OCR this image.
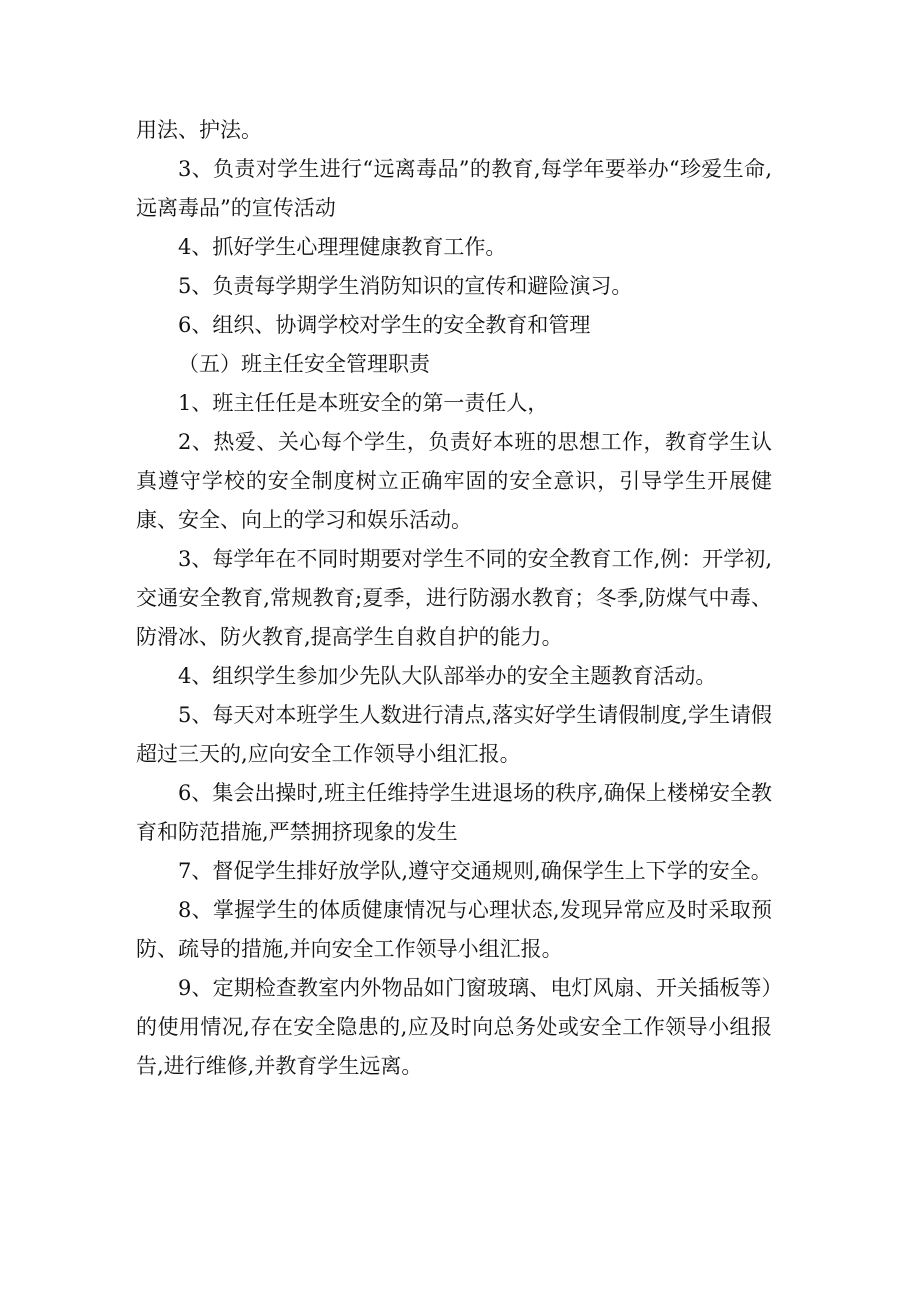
用法、护法。

3、负责对学生进行“远离毒品”的教育,每学年要举办“珍爱生命,远离毒品”的宣传活动

4、抓好学生心理理健康教育工作。

5、负责每学期学生消防知识的宣传和避险演习。

6、组织、协调学校对学生的安全教育和管理

（五）班主任安全管理职责

1、班主任任是本班安全的第一责任人，

2、热爱、关心每个学生，负责好本班的思想工作，教育学生认真遵守学校的安全制度树立正确牢固的安全意识，引导学生开展健康、安全、向上的学习和娱乐活动。

3、每学年在不同时期要对学生不同的安全教育工作,例：开学初,交通安全教育,常规教育;夏季，进行防溺水教育；冬季,防煤气中毒、防滑冰、防火教育,提高学生自救自护的能力。

4、组织学生参加少先队大队部举办的安全主题教育活动。

5、每天对本班学生人数进行清点,落实好学生请假制度,学生请假超过三天的,应向安全工作领导小组汇报。

6、集会出操时,班主任维持学生进退场的秩序,确保上楼梯安全教育和防范措施,严禁拥挤现象的发生

7、督促学生排好放学队,遵守交通规则,确保学生上下学的安全。

8、掌握学生的体质健康情况与心理状态,发现异常应及时采取预防、疏导的措施,并向安全工作领导小组汇报。

9、定期检查教室内外物品如门窗玻璃、电灯风扇、开关插板等）的使用情况,存在安全隐患的,应及时向总务处或安全工作领导小组报告,进行维修,并教育学生远离。
